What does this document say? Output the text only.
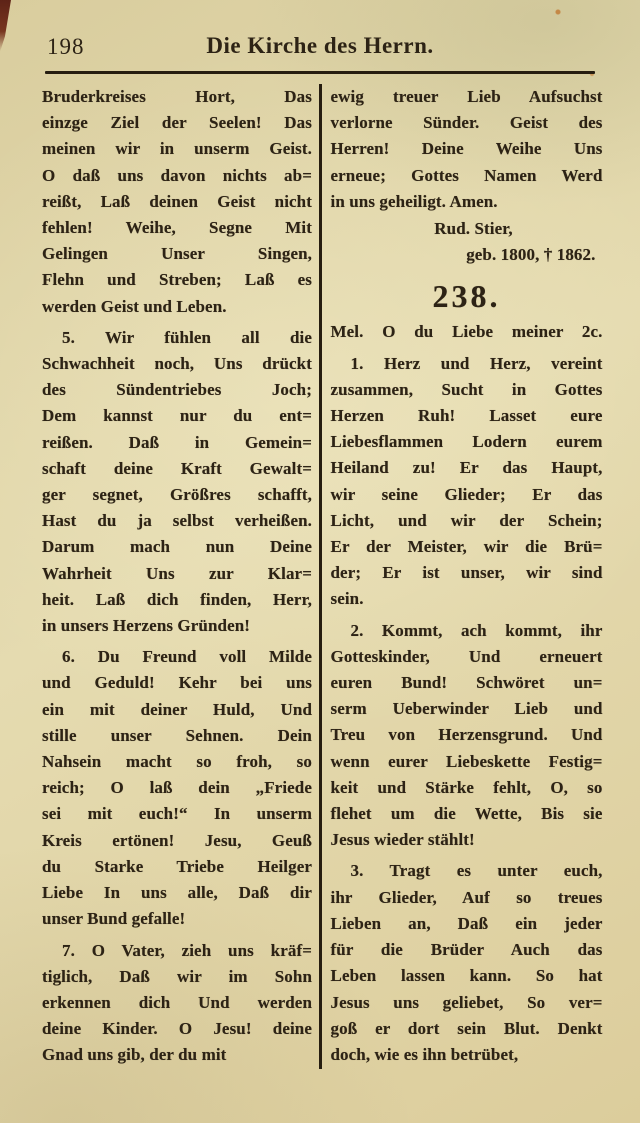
198	Die Kirche des Herrn.
Bruderkreises Hort, Das
einzge Ziel der Seelen! Das
meinen wir in unserm Geist.
O daß uns davon nichts ab=
reißt, Laß deinen Geist nicht
fehlen! Weihe, Segne Mit
Gelingen Unser Singen,
Flehn und Streben; Laß es
werden Geist und Leben.
5. Wir fühlen all die
Schwachheit noch, Uns drückt
des Sündentriebes Joch;
Dem kannst nur du ent=
reißen. Daß in Gemein=
schaft deine Kraft Gewalt=
ger segnet, Größres schafft,
Hast du ja selbst verheißen.
Darum mach nun Deine
Wahrheit Uns zur Klar=
heit. Laß dich finden, Herr,
in unsers Herzens Gründen!
6. Du Freund voll Milde
und Geduld! Kehr bei uns
ein mit deiner Huld, Und
stille unser Sehnen. Dein
Nahsein macht so froh, so
reich; O laß dein „Friede
sei mit euch!“ In unserm
Kreis ertönen! Jesu, Geuß
du Starke Triebe Heilger
Liebe In uns alle, Daß dir
unser Bund gefalle!
7. O Vater, zieh uns kräf=
tiglich, Daß wir im Sohn
erkennen dich Und werden
deine Kinder. O Jesu! deine
Gnad uns gib, der du mit
ewig treuer Lieb Aufsuchst
verlorne Sünder. Geist des
Herren! Deine Weihe Uns
erneue; Gottes Namen Werd
in uns geheiligt. Amen.
Rud. Stier,
geb. 1800, † 1862.
238.
Mel. O du Liebe meiner 2c.
1. Herz und Herz, vereint
zusammen, Sucht in Gottes
Herzen Ruh! Lasset eure
Liebesflammen Lodern eurem
Heiland zu! Er das Haupt,
wir seine Glieder; Er das
Licht, und wir der Schein;
Er der Meister, wir die Brü=
der; Er ist unser, wir sind
sein.
2. Kommt, ach kommt, ihr
Gotteskinder, Und erneuert
euren Bund! Schwöret un=
serm Ueberwinder Lieb und
Treu von Herzensgrund. Und
wenn eurer Liebeskette Festig=
keit und Stärke fehlt, O, so
flehet um die Wette, Bis sie
Jesus wieder stählt!
3. Tragt es unter euch,
ihr Glieder, Auf so treues
Lieben an, Daß ein jeder
für die Brüder Auch das
Leben lassen kann. So hat
Jesus uns geliebet, So ver=
goß er dort sein Blut. Denkt
doch, wie es ihn betrübet,
